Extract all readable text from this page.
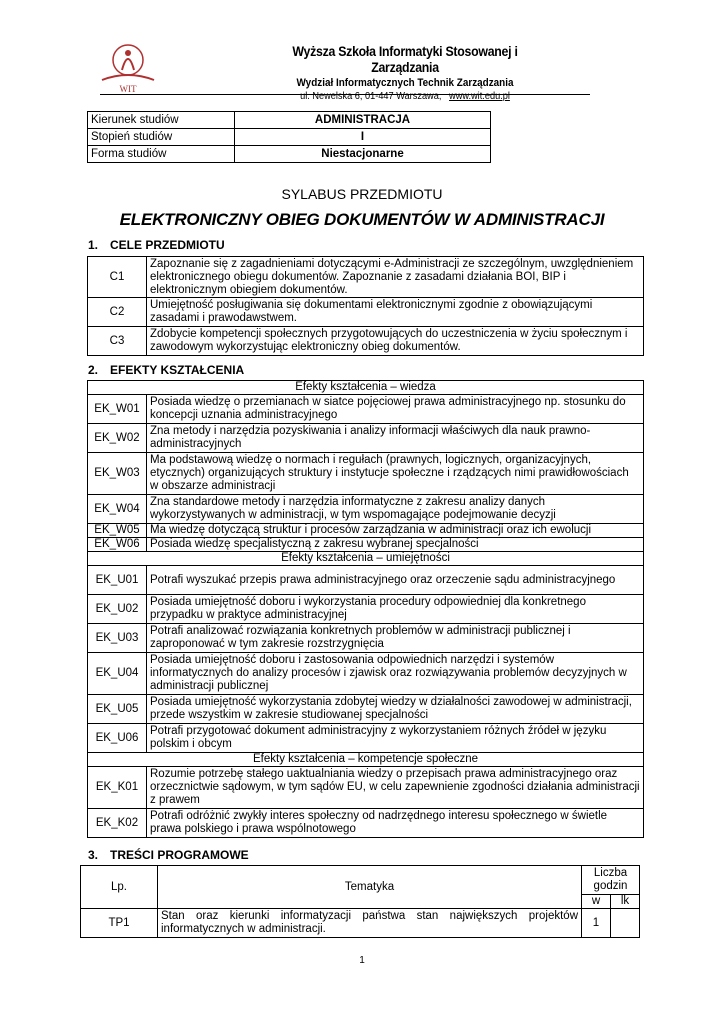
WIT
Wyższa Szkoła Informatyki Stosowanej i Zarządzania
Wydział Informatycznych Technik Zarządzania
ul. Newelska 6, 01-447 Warszawa, www.wit.edu.pl
Kierunek studiów	ADMINISTRACJA
Stopień studiów	I
Forma studiów	Niestacjonarne
SYLABUS PRZEDMIOTU
ELEKTRONICZNY OBIEG DOKUMENTÓW W ADMINISTRACJI
1. CELE PRZEDMIOTU
C1	Zapoznanie się z zagadnieniami dotyczącymi e-Administracji ze szczególnym, uwzględnieniem elektronicznego obiegu dokumentów. Zapoznanie z zasadami działania BOI, BIP i elektronicznym obiegiem dokumentów.
C2	Umiejętność posługiwania się dokumentami elektronicznymi zgodnie z obowiązującymi zasadami i prawodawstwem.
C3	Zdobycie kompetencji społecznych przygotowujących do uczestniczenia w życiu społecznym i zawodowym wykorzystując elektroniczny obieg dokumentów.
2. EFEKTY KSZTAŁCENIA
Efekty kształcenia – wiedza	
EK_W01	Posiada wiedzę o przemianach w siatce pojęciowej prawa administracyjnego np. stosunku do koncepcji uznania administracyjnego
EK_W02	Zna metody i narzędzia pozyskiwania i analizy informacji właściwych dla nauk prawno-administracyjnych
EK_W03	Ma podstawową wiedzę o normach i regułach (prawnych, logicznych, organizacyjnych, etycznych) organizujących struktury i instytucje społeczne i rządzących nimi prawidłowościach w obszarze administracji
EK_W04	Zna standardowe metody i narzędzia informatyczne z zakresu analizy danych wykorzystywanych w administracji, w tym wspomagające podejmowanie decyzji
EK_W05	Ma wiedzę dotyczącą struktur i procesów zarządzania w administracji oraz ich ewolucji
EK_W06	Posiada wiedzę specjalistyczną z zakresu wybranej specjalności
Efekty kształcenia – umiejętności	
EK_U01	Potrafi wyszukać przepis prawa administracyjnego oraz orzeczenie sądu administracyjnego
EK_U02	Posiada umiejętność doboru i wykorzystania procedury odpowiedniej dla konkretnego przypadku w praktyce administracyjnej
EK_U03	Potrafi analizować rozwiązania konkretnych problemów w administracji publicznej i zaproponować w tym zakresie rozstrzygnięcia
EK_U04	Posiada umiejętność doboru i zastosowania odpowiednich narzędzi i systemów informatycznych do analizy procesów i zjawisk oraz rozwiązywania problemów decyzyjnych w administracji publicznej
EK_U05	Posiada umiejętność wykorzystania zdobytej wiedzy w działalności zawodowej w administracji, przede wszystkim w zakresie studiowanej specjalności
EK_U06	Potrafi przygotować dokument administracyjny z wykorzystaniem różnych źródeł w języku polskim i obcym
Efekty kształcenia – kompetencje społeczne	
EK_K01	Rozumie potrzebę stałego uaktualniania wiedzy o przepisach prawa administracyjnego oraz orzecznictwie sądowym, w tym sądów EU, w celu zapewnienie zgodności działania administracji z prawem
EK_K02	Potrafi odróżnić zwykły interes społeczny od nadrzędnego interesu społecznego w świetle prawa polskiego i prawa wspólnotowego
3. TREŚCI PROGRAMOWE
Lp.	Tematyka	Liczba godzin	
		w	lk
TP1	Stan oraz kierunki informatyzacji państwa stan największych projektów informatycznych w administracji.	1	
1
